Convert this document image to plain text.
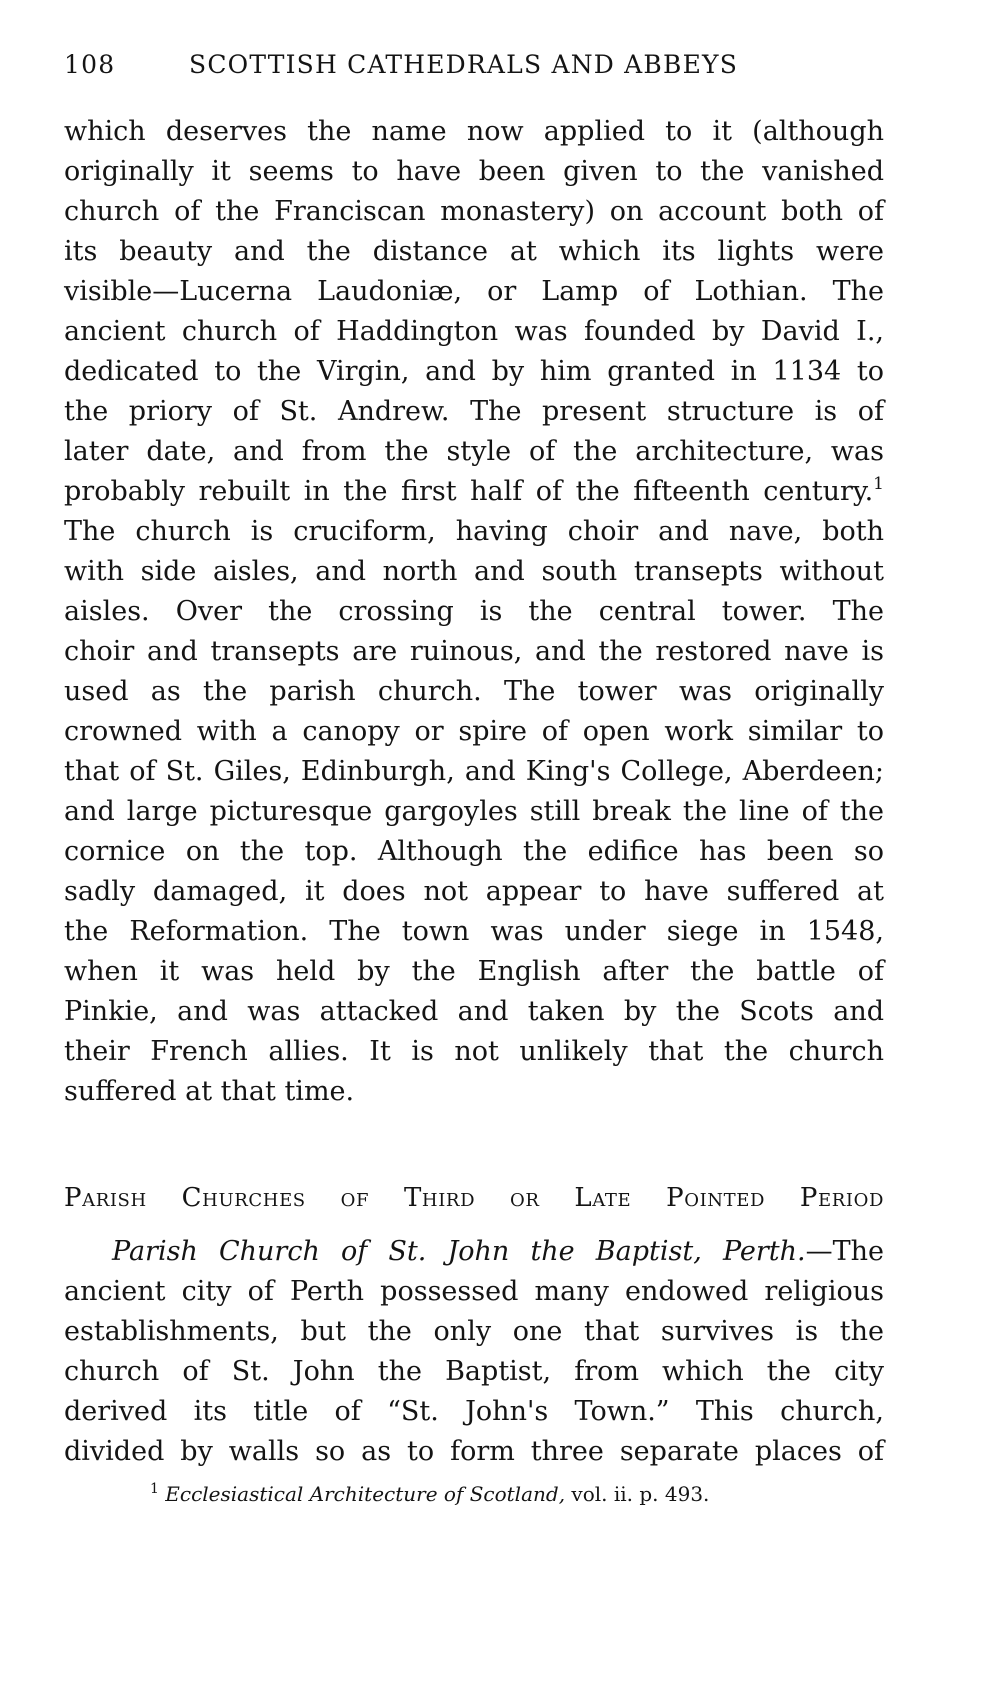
108	SCOTTISH CATHEDRALS AND ABBEYS
which deserves the name now applied to it (although
originally it seems to have been given to the vanished
church of the Franciscan monastery) on account both of
its beauty and the distance at which its lights were
visible—Lucerna Laudoniæ, or Lamp of Lothian. The
ancient church of Haddington was founded by David I.,
dedicated to the Virgin, and by him granted in 1134 to
the priory of St. Andrew. The present structure is of
later date, and from the style of the architecture, was
probably rebuilt in the first half of the fifteenth century.$^1$
The church is cruciform, having choir and nave, both
with side aisles, and north and south transepts without
aisles. Over the crossing is the central tower. The
choir and transepts are ruinous, and the restored nave is
used as the parish church. The tower was originally
crowned with a canopy or spire of open work similar to
that of St. Giles, Edinburgh, and King's College, Aberdeen;
and large picturesque gargoyles still break the line of the
cornice on the top. Although the edifice has been so
sadly damaged, it does not appear to have suffered at
the Reformation. The town was under siege in 1548,
when it was held by the English after the battle of
Pinkie, and was attacked and taken by the Scots and
their French allies. It is not unlikely that the church
suffered at that time.
Parish Churches of Third or Late Pointed Period
Parish Church of St. John the Baptist, Perth.—The
ancient city of Perth possessed many endowed religious
establishments, but the only one that survives is the
church of St. John the Baptist, from which the city
derived its title of “St. John's Town.” This church,
divided by walls so as to form three separate places of
$^1$ Ecclesiastical Architecture of Scotland, vol. ii. p. 493.
